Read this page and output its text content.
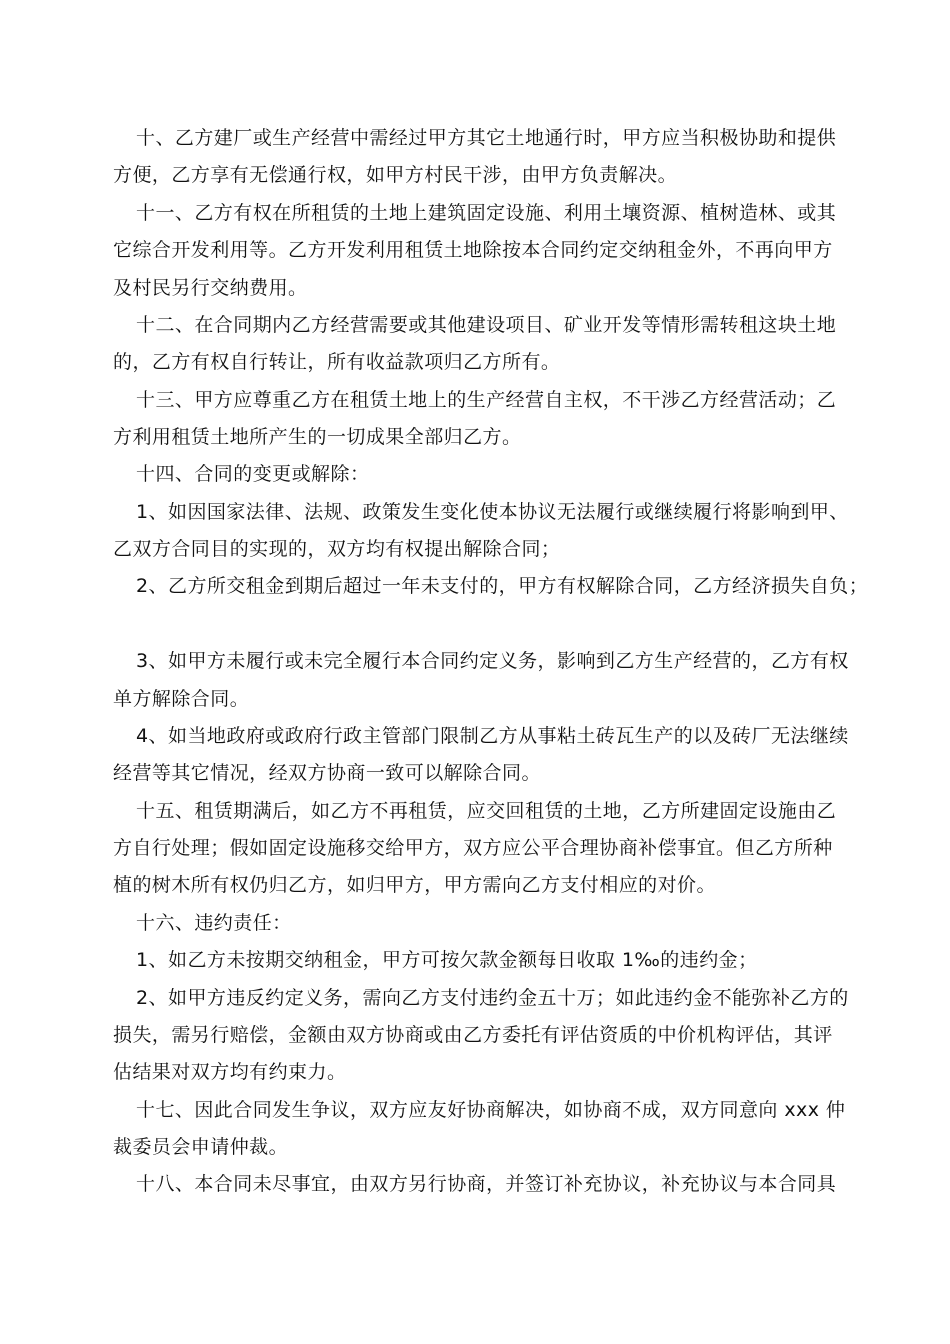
十、乙方建厂或生产经营中需经过甲方其它土地通行时，甲方应当积极协助和提供
方便，乙方享有无偿通行权，如甲方村民干涉，由甲方负责解决。
十一、乙方有权在所租赁的土地上建筑固定设施、利用土壤资源、植树造林、或其
它综合开发利用等。乙方开发利用租赁土地除按本合同约定交纳租金外，不再向甲方
及村民另行交纳费用。
十二、在合同期内乙方经营需要或其他建设项目、矿业开发等情形需转租这块土地
的，乙方有权自行转让，所有收益款项归乙方所有。
十三、甲方应尊重乙方在租赁土地上的生产经营自主权，不干涉乙方经营活动；乙
方利用租赁土地所产生的一切成果全部归乙方。
十四、合同的变更或解除：
1、如因国家法律、法规、政策发生变化使本协议无法履行或继续履行将影响到甲、
乙双方合同目的实现的，双方均有权提出解除合同；
2、乙方所交租金到期后超过一年未支付的，甲方有权解除合同，乙方经济损失自负；
3、如甲方未履行或未完全履行本合同约定义务，影响到乙方生产经营的，乙方有权
单方解除合同。
4、如当地政府或政府行政主管部门限制乙方从事粘土砖瓦生产的以及砖厂无法继续
经营等其它情况，经双方协商一致可以解除合同。
十五、租赁期满后，如乙方不再租赁，应交回租赁的土地，乙方所建固定设施由乙
方自行处理；假如固定设施移交给甲方，双方应公平合理协商补偿事宜。但乙方所种
植的树木所有权仍归乙方，如归甲方，甲方需向乙方支付相应的对价。
十六、违约责任：
1、如乙方未按期交纳租金，甲方可按欠款金额每日收取 1‰的违约金；
2、如甲方违反约定义务，需向乙方支付违约金五十万；如此违约金不能弥补乙方的
损失，需另行赔偿，金额由双方协商或由乙方委托有评估资质的中价机构评估，其评
估结果对双方均有约束力。
十七、因此合同发生争议，双方应友好协商解决，如协商不成，双方同意向 xxx 仲
裁委员会申请仲裁。
十八、本合同未尽事宜，由双方另行协商，并签订补充协议，补充协议与本合同具
